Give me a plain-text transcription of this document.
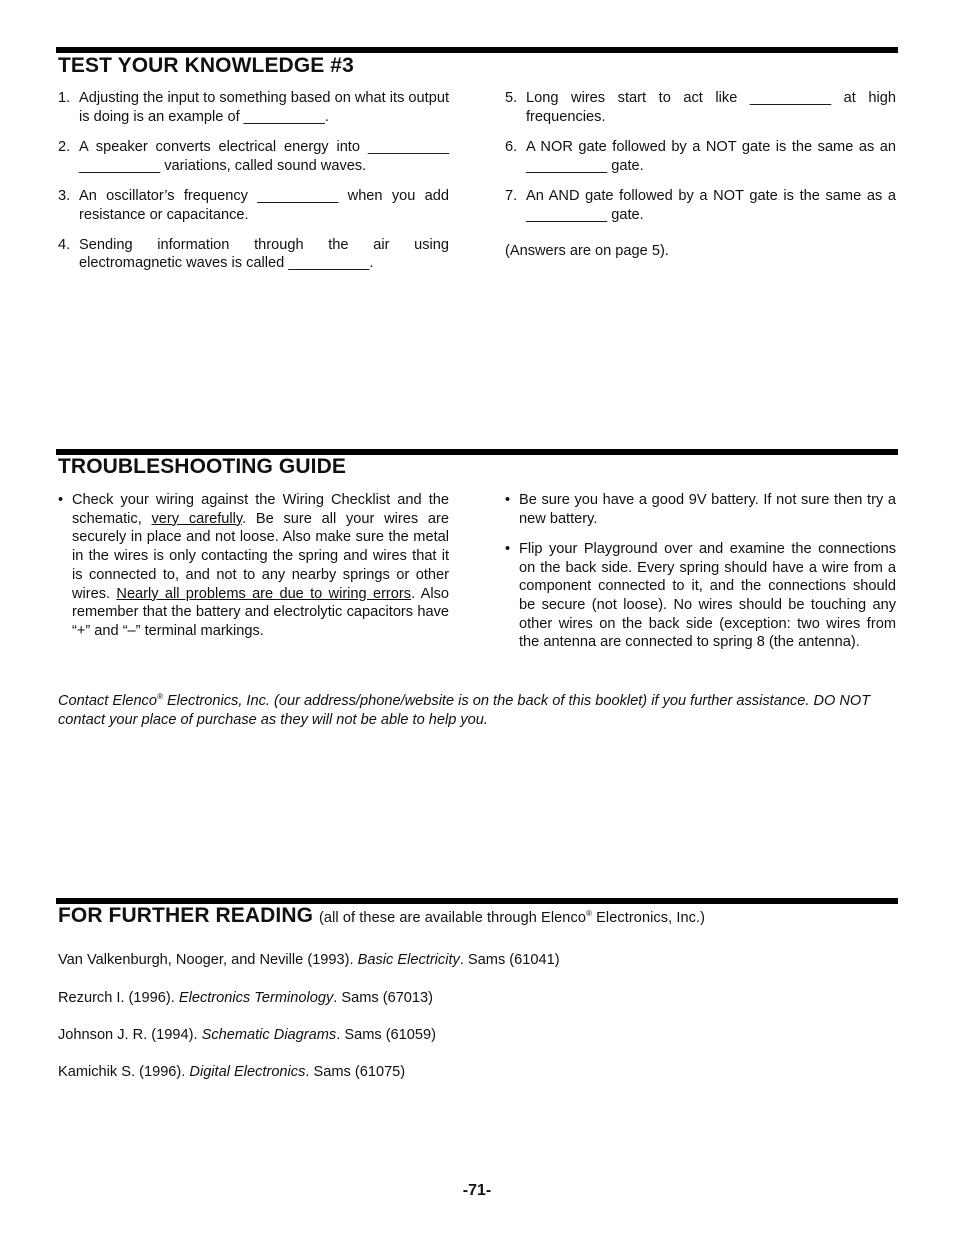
TEST YOUR KNOWLEDGE #3
1. Adjusting the input to something based on what its output is doing is an example of __________.
2. A speaker converts electrical energy into __________ __________ variations, called sound waves.
3. An oscillator’s frequency __________ when you add resistance or capacitance.
4. Sending information through the air using electromagnetic waves is called __________.
5. Long wires start to act like __________ at high frequencies.
6. A NOR gate followed by a NOT gate is the same as an __________ gate.
7. An AND gate followed by a NOT gate is the same as a __________ gate.
(Answers are on page 5).
TROUBLESHOOTING GUIDE
• Check your wiring against the Wiring Checklist and the schematic, very carefully. Be sure all your wires are securely in place and not loose. Also make sure the metal in the wires is only contacting the spring and wires that it is connected to, and not to any nearby springs or other wires. Nearly all problems are due to wiring errors. Also remember that the battery and electrolytic capacitors have “+” and “–” terminal markings.
• Be sure you have a good 9V battery. If not sure then try a new battery.
• Flip your Playground over and examine the connections on the back side. Every spring should have a wire from a component connected to it, and the connections should be secure (not loose). No wires should be touching any other wires on the back side (exception: two wires from the antenna are connected to spring 8 (the antenna).
Contact Elenco® Electronics, Inc. (our address/phone/website is on the back of this booklet) if you further assistance. DO NOT contact your place of purchase as they will not be able to help you.
FOR FURTHER READING (all of these are available through Elenco® Electronics, Inc.)
Van Valkenburgh, Nooger, and Neville (1993). Basic Electricity. Sams (61041)
Rezurch I. (1996). Electronics Terminology. Sams (67013)
Johnson J. R. (1994). Schematic Diagrams. Sams (61059)
Kamichik S. (1996). Digital Electronics. Sams (61075)
-71-
